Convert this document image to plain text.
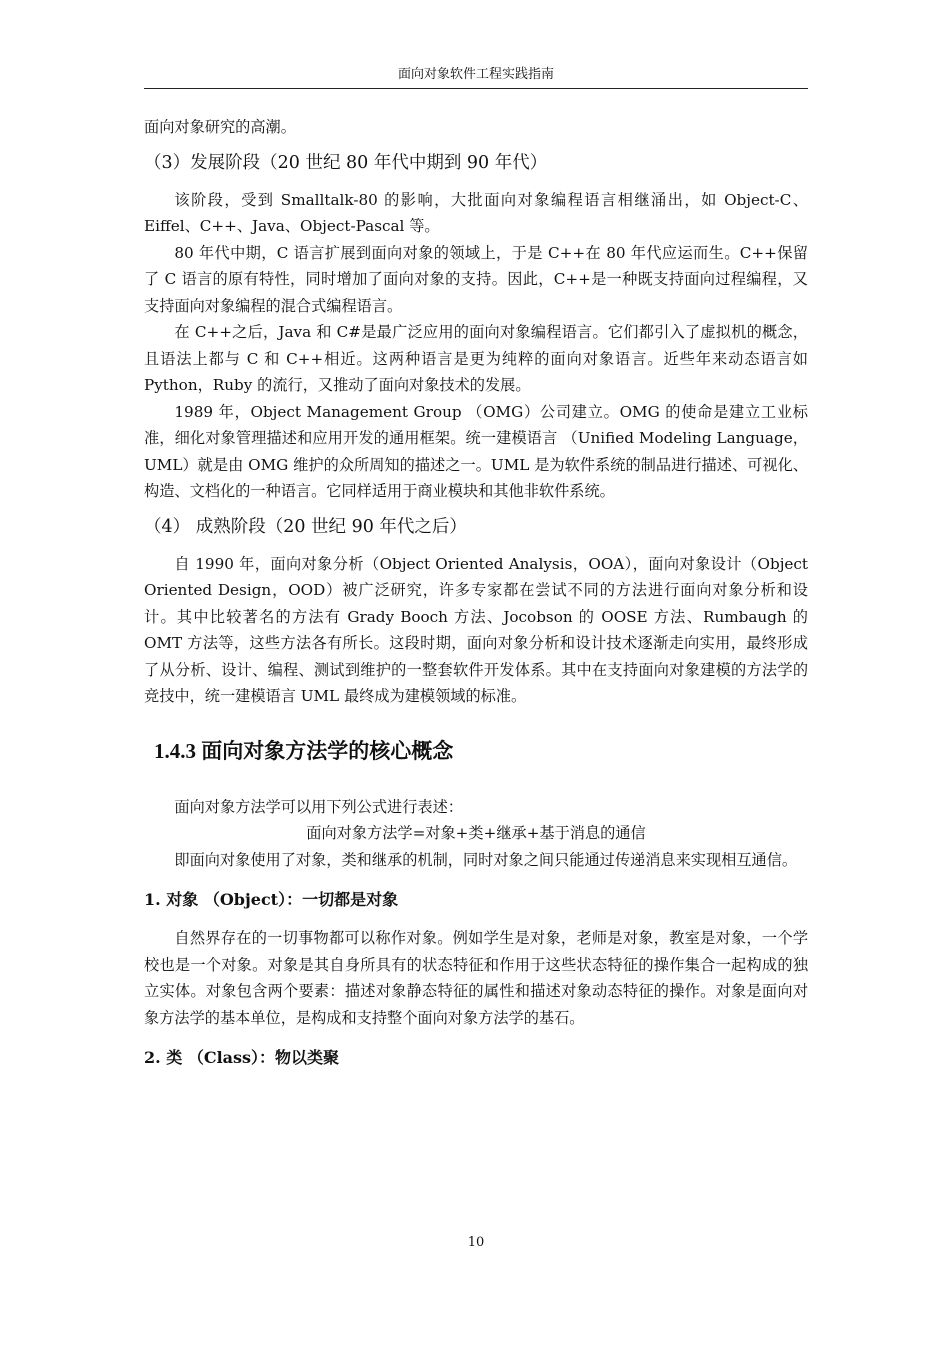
面向对象软件工程实践指南

面向对象研究的高潮。

（3）发展阶段（20 世纪 80 年代中期到 90 年代）

该阶段，受到 Smalltalk-80 的影响，大批面向对象编程语言相继涌出，如 Object-C、Eiffel、C++、Java、Object-Pascal 等。

80 年代中期，C 语言扩展到面向对象的领域上，于是 C++在 80 年代应运而生。C++保留了 C 语言的原有特性，同时增加了面向对象的支持。因此，C++是一种既支持面向过程编程，又支持面向对象编程的混合式编程语言。

在 C++之后，Java 和 C#是最广泛应用的面向对象编程语言。它们都引入了虚拟机的概念，且语法上都与 C 和 C++相近。这两种语言是更为纯粹的面向对象语言。近些年来动态语言如 Python，Ruby 的流行，又推动了面向对象技术的发展。

1989 年，Object Management Group （OMG）公司建立。OMG 的使命是建立工业标准，细化对象管理描述和应用开发的通用框架。统一建模语言 （Unified Modeling Language，UML）就是由 OMG 维护的众所周知的描述之一。UML 是为软件系统的制品进行描述、可视化、构造、文档化的一种语言。它同样适用于商业模块和其他非软件系统。

（4） 成熟阶段（20 世纪 90 年代之后）

自 1990 年，面向对象分析（Object Oriented Analysis，OOA），面向对象设计（Object Oriented Design，OOD）被广泛研究，许多专家都在尝试不同的方法进行面向对象分析和设计。其中比较著名的方法有 Grady Booch 方法、Jocobson 的 OOSE 方法、Rumbaugh 的 OMT 方法等，这些方法各有所长。这段时期，面向对象分析和设计技术逐渐走向实用，最终形成了从分析、设计、编程、测试到维护的一整套软件开发体系。其中在支持面向对象建模的方法学的竞技中，统一建模语言 UML 最终成为建模领域的标准。

1.4.3 面向对象方法学的核心概念

面向对象方法学可以用下列公式进行表述：

面向对象方法学=对象+类+继承+基于消息的通信

即面向对象使用了对象，类和继承的机制，同时对象之间只能通过传递消息来实现相互通信。

1. 对象 （Object）：一切都是对象

自然界存在的一切事物都可以称作对象。例如学生是对象，老师是对象，教室是对象，一个学校也是一个对象。对象是其自身所具有的状态特征和作用于这些状态特征的操作集合一起构成的独立实体。对象包含两个要素：描述对象静态特征的属性和描述对象动态特征的操作。对象是面向对象方法学的基本单位，是构成和支持整个面向对象方法学的基石。

2. 类 （Class）：物以类聚
10
